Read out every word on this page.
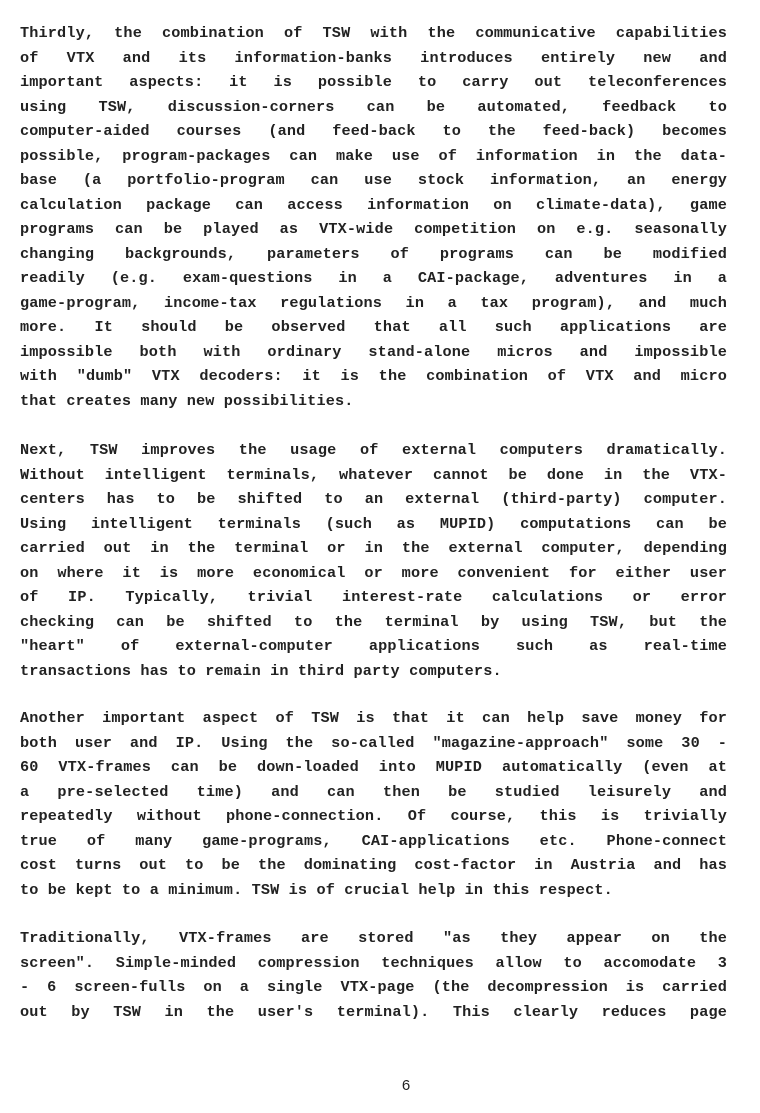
Thirdly, the combination of TSW with the communicative capabilities
of VTX and its information-banks introduces entirely new and
important aspects: it is possible to carry out teleconferences
using TSW, discussion-corners can be automated, feedback to
computer-aided courses (and feed-back to the feed-back) becomes
possible, program-packages can make use of information in the data-
base (a portfolio-program can use stock information, an energy
calculation package can access information on climate-data), game
programs can be played as VTX-wide competition on e.g. seasonally
changing backgrounds, parameters of programs can be modified
readily (e.g. exam-questions in a CAI-package, adventures in a
game-program, income-tax regulations in a tax program), and much
more. It should be observed that all such applications are
impossible both with ordinary stand-alone micros and impossible
with "dumb" VTX decoders: it is the combination of VTX and micro
that creates many new possibilities.
Next, TSW improves the usage of external computers dramatically.
Without intelligent terminals, whatever cannot be done in the VTX-
centers has to be shifted to an external (third-party) computer.
Using intelligent terminals (such as MUPID) computations can be
carried out in the terminal or in the external computer, depending
on where it is more economical or more convenient for either user
of IP. Typically, trivial interest-rate calculations or error
checking can be shifted to the terminal by using TSW, but the
"heart" of external-computer applications such as real-time
transactions has to remain in third party computers.
Another important aspect of TSW is that it can help save money for
both user and IP. Using the so-called "magazine-approach" some 30 -
60 VTX-frames can be down-loaded into MUPID automatically (even at
a pre-selected time) and can then be studied leisurely and
repeatedly without phone-connection. Of course, this is trivially
true of many game-programs, CAI-applications etc. Phone-connect
cost turns out to be the dominating cost-factor in Austria and has
to be kept to a minimum. TSW is of crucial help in this respect.
Traditionally, VTX-frames are stored "as they appear on the
screen". Simple-minded compression techniques allow to accomodate 3
- 6 screen-fulls on a single VTX-page (the decompression is carried
out by TSW in the user's terminal). This clearly reduces page
6
